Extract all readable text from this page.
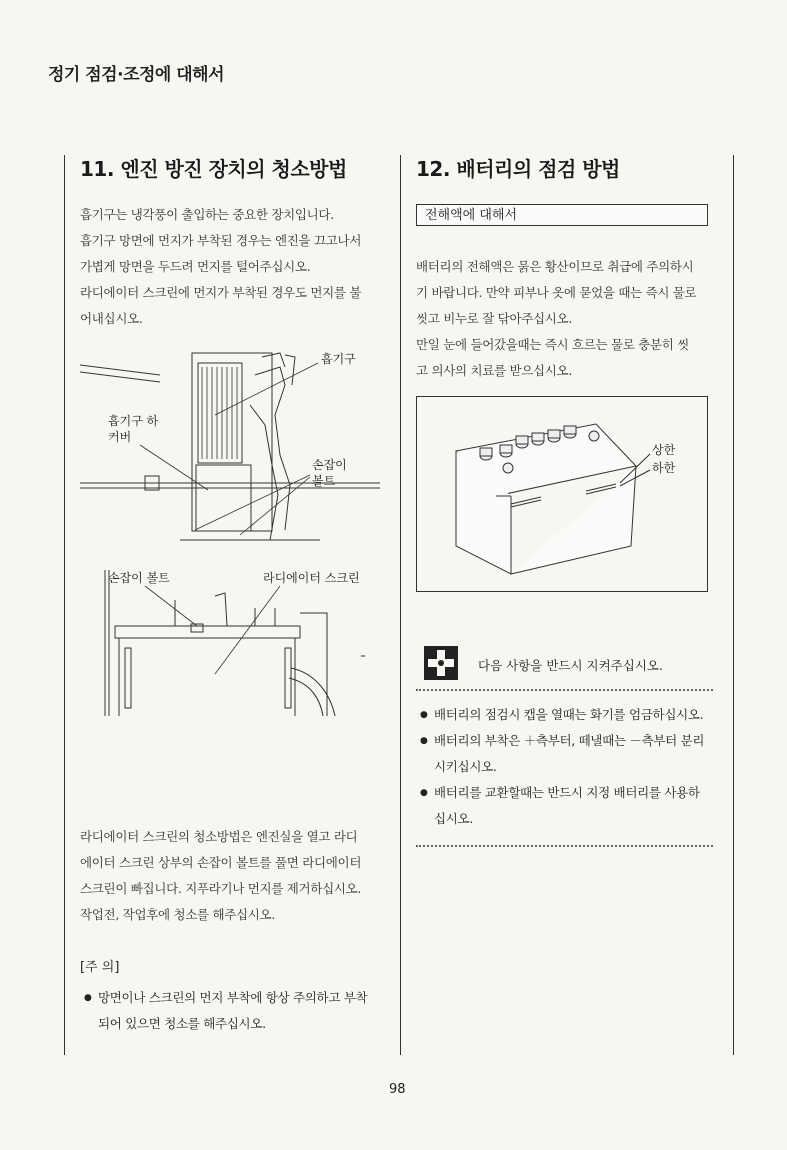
정기 점검·조정에 대해서
11. 엔진 방진 장치의 청소방법

흡기구는 냉각풍이 출입하는 중요한 장치입니다.

흡기구 망면에 먼지가 부착된 경우는 엔진을 끄고나서

가볍게 망면을 두드려 먼지를 털어주십시오.

라디에이터 스크린에 먼지가 부착된 경우도 먼지를 불

어내십시오.

흡기구
흡기구 하
커버
손잡이
볼트
손잡이 볼트	라디에이터 스크린

라디에이터 스크린의 청소방법은 엔진실을 열고 라디

에이터 스크린 상부의 손잡이 볼트를 풀면 라디에이터

스크린이 빠집니다. 지푸라기나 먼지를 제거하십시오.

작업전, 작업후에 청소를 해주십시오.

[주 의]

● 망면이나 스크린의 먼지 부착에 항상 주의하고 부착

되어 있으면 청소를 해주십시오.

12. 배터리의 점검 방법
전해액에 대해서

배터리의 전해액은 묽은 황산이므로 취급에 주의하시

기 바랍니다. 만약 피부나 옷에 묻었을 때는 즉시 물로

씻고 비누로 잘 닦아주십시오.

만일 눈에 들어갔을때는 즉시 흐르는 물로 충분히 씻

고 의사의 치료를 받으십시오.

상한
하한
다음 사항을 반드시 지켜주십시오.

● 배터리의 점검시 캡을 열때는 화기를 엄금하십시오.

● 배터리의 부착은 ＋측부터, 떼낼때는 －측부터 분리

시키십시오.

● 배터리를 교환할때는 반드시 지정 배터리를 사용하

십시오.

98
